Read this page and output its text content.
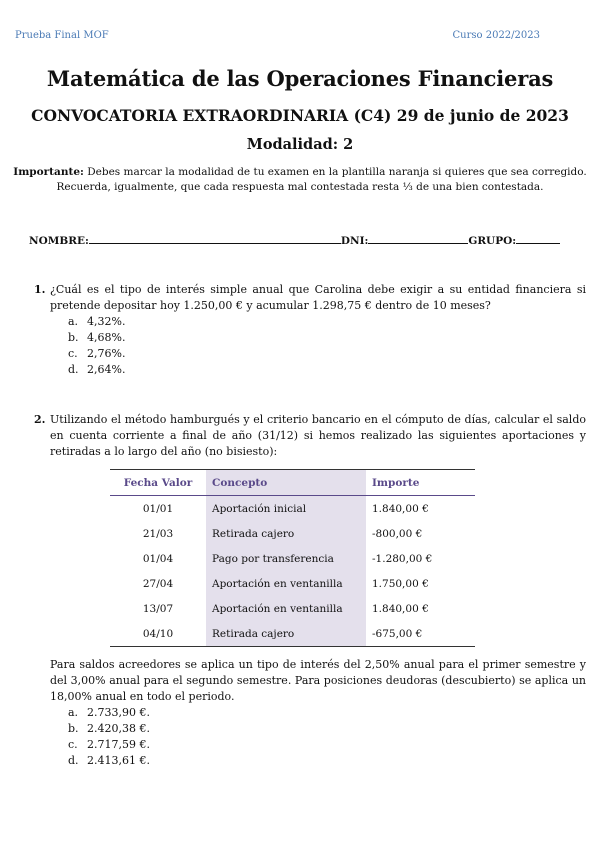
Prueba Final MOF	Curso 2022/2023
Matemática de las Operaciones Financieras
CONVOCATORIA EXTRAORDINARIA (C4) 29 de junio de 2023
Modalidad: 2
Importante: Debes marcar la modalidad de tu examen en la plantilla naranja si quieres que sea corregido.
Recuerda, igualmente, que cada respuesta mal contestada resta ⅓ de una bien contestada.
NOMBRE:	DNI:	GRUPO:
1. ¿Cuál es el tipo de interés simple anual que Carolina debe exigir a su entidad financiera si pretende depositar hoy 1.250,00 € y acumular 1.298,75 € dentro de 10 meses?
a. 4,32%.
b. 4,68%.
c. 2,76%.
d. 2,64%.
2. Utilizando el método hamburgués y el criterio bancario en el cómputo de días, calcular el saldo en cuenta corriente a final de año (31/12) si hemos realizado las siguientes aportaciones y retiradas a lo largo del año (no bisiesto):
Fecha Valor	Concepto	Importe
01/01	Aportación inicial	1.840,00 €
21/03	Retirada cajero	-800,00 €
01/04	Pago por transferencia	-1.280,00 €
27/04	Aportación en ventanilla	1.750,00 €
13/07	Aportación en ventanilla	1.840,00 €
04/10	Retirada cajero	-675,00 €
Para saldos acreedores se aplica un tipo de interés del 2,50% anual para el primer semestre y del 3,00% anual para el segundo semestre. Para posiciones deudoras (descubierto) se aplica un 18,00% anual en todo el periodo.
a. 2.733,90 €.
b. 2.420,38 €.
c. 2.717,59 €.
d. 2.413,61 €.
